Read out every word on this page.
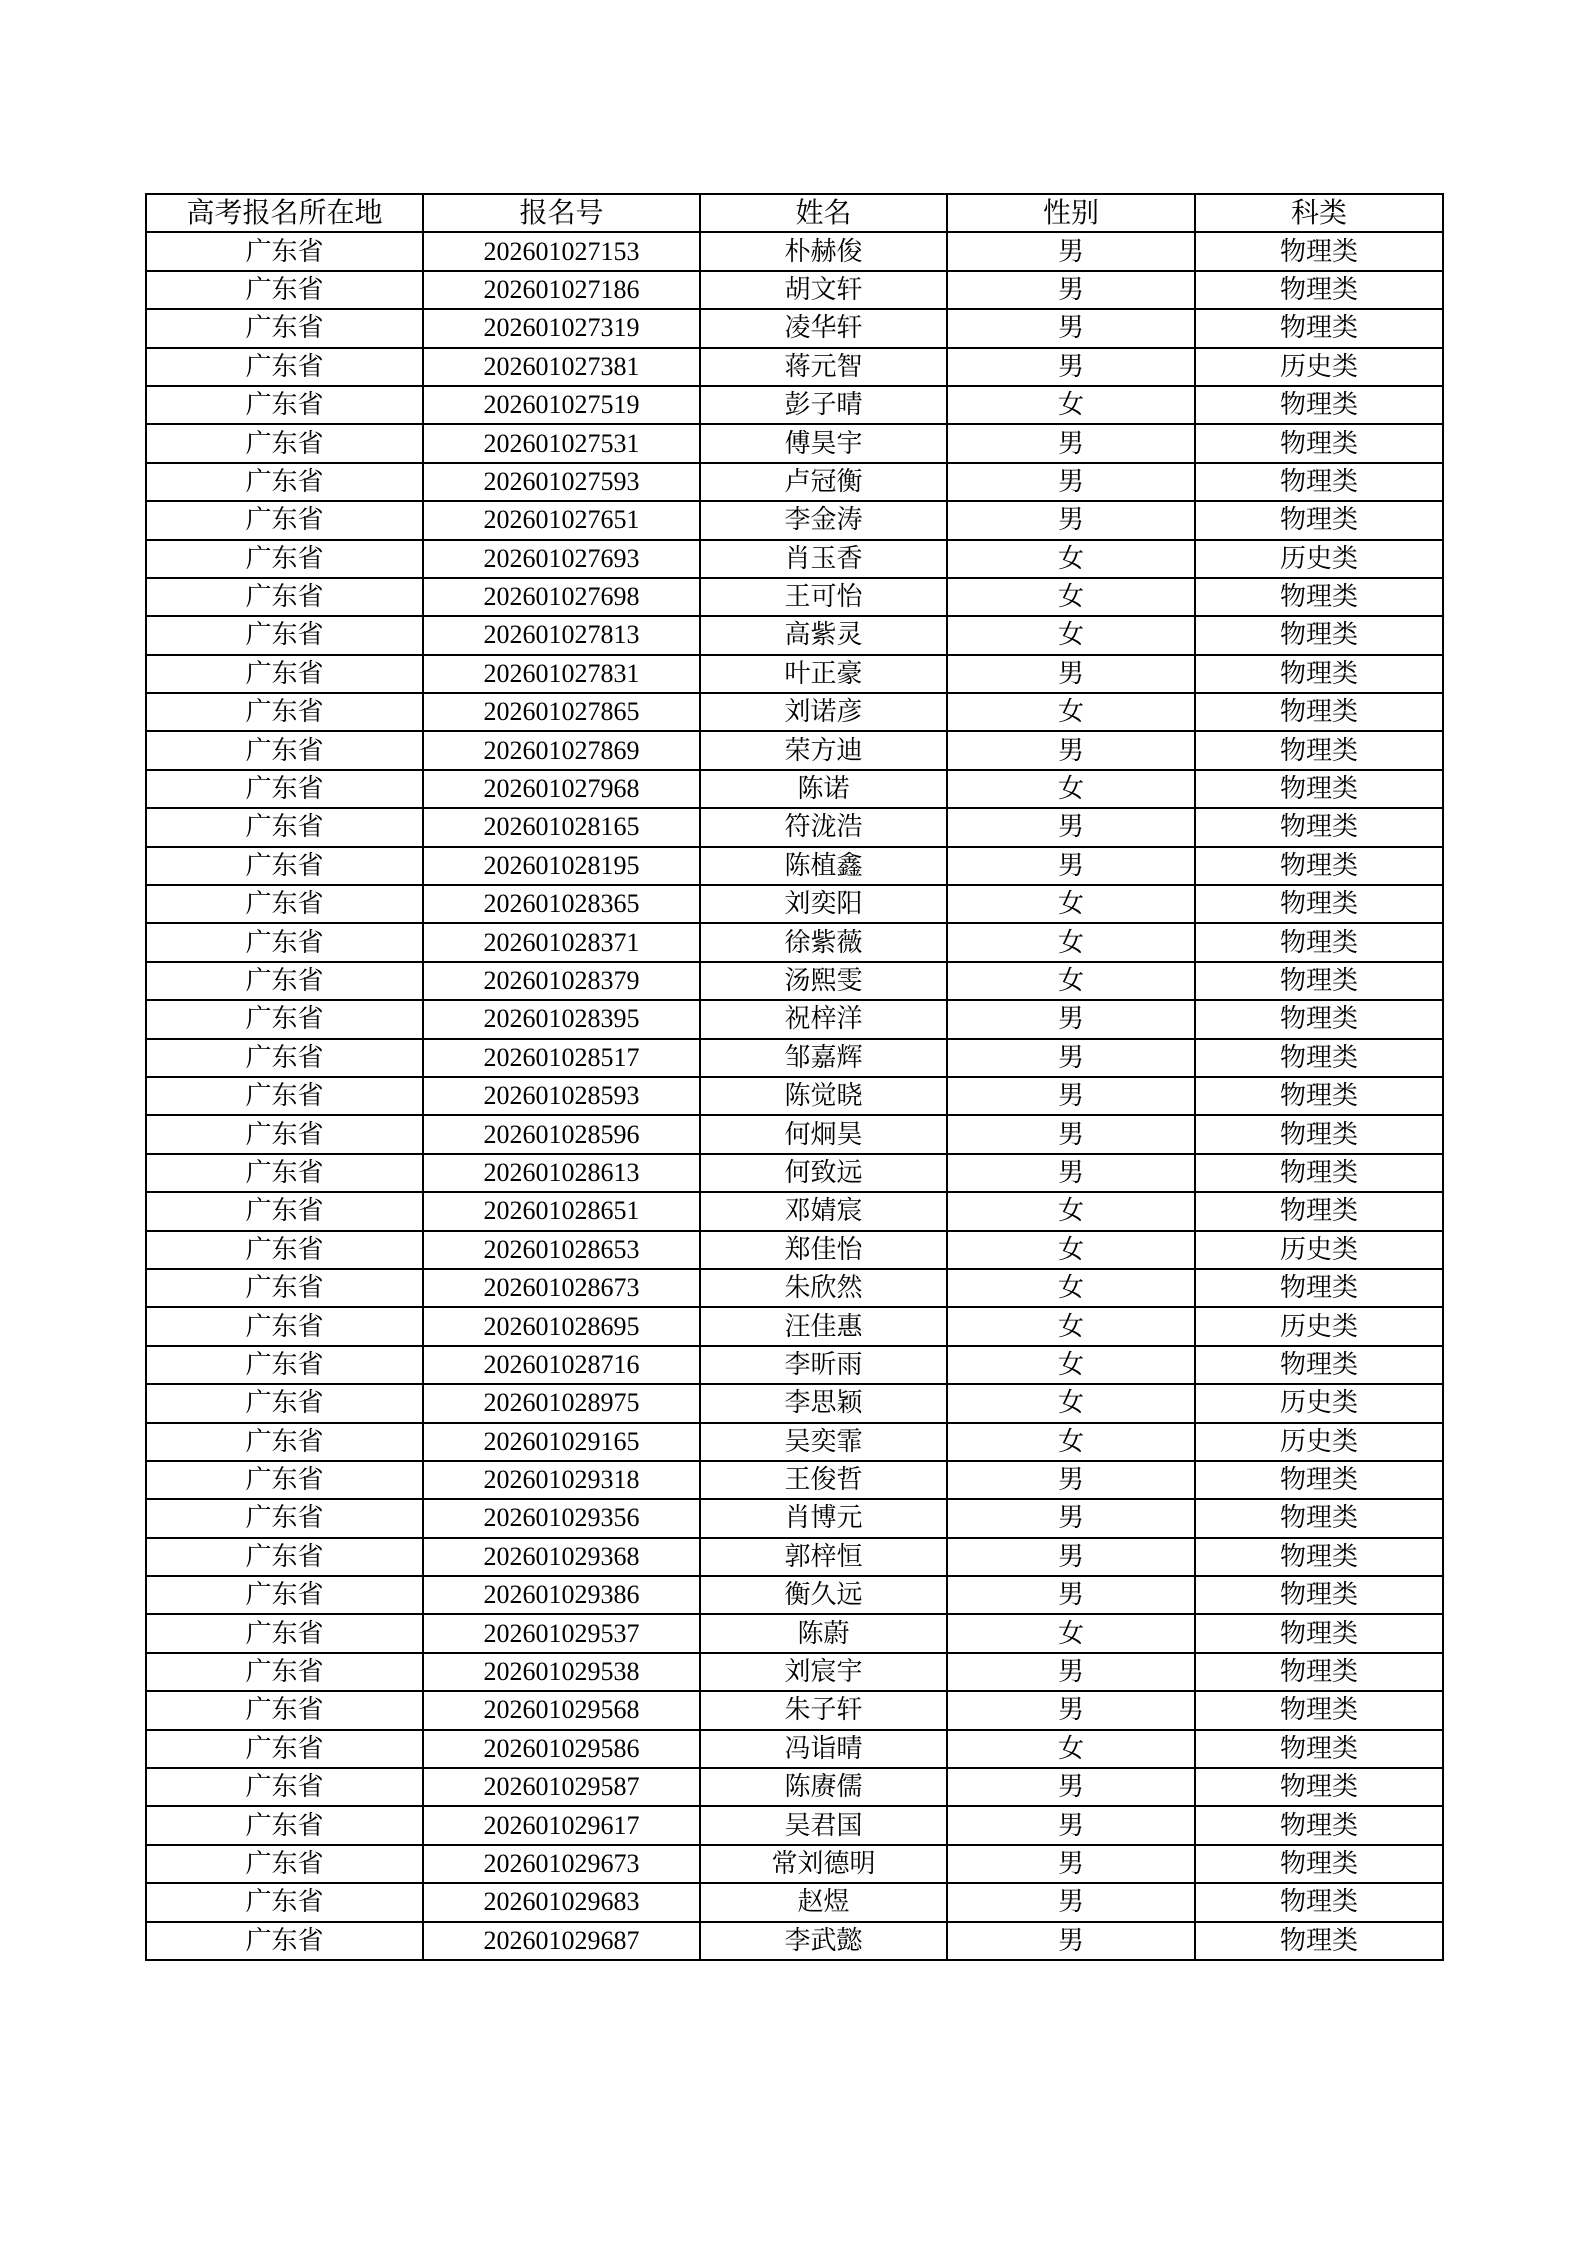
高考报名所在地	报名号	姓名	性别	科类
广东省	202601027153	朴赫俊	男	物理类
广东省	202601027186	胡文轩	男	物理类
广东省	202601027319	凌华轩	男	物理类
广东省	202601027381	蒋元智	男	历史类
广东省	202601027519	彭子晴	女	物理类
广东省	202601027531	傅昊宇	男	物理类
广东省	202601027593	卢冠衡	男	物理类
广东省	202601027651	李金涛	男	物理类
广东省	202601027693	肖玉香	女	历史类
广东省	202601027698	王可怡	女	物理类
广东省	202601027813	高紫灵	女	物理类
广东省	202601027831	叶正豪	男	物理类
广东省	202601027865	刘诺彦	女	物理类
广东省	202601027869	荣方迪	男	物理类
广东省	202601027968	陈诺	女	物理类
广东省	202601028165	符泷浩	男	物理类
广东省	202601028195	陈植鑫	男	物理类
广东省	202601028365	刘奕阳	女	物理类
广东省	202601028371	徐紫薇	女	物理类
广东省	202601028379	汤熙雯	女	物理类
广东省	202601028395	祝梓洋	男	物理类
广东省	202601028517	邹嘉辉	男	物理类
广东省	202601028593	陈觉晓	男	物理类
广东省	202601028596	何炯昊	男	物理类
广东省	202601028613	何致远	男	物理类
广东省	202601028651	邓婧宸	女	物理类
广东省	202601028653	郑佳怡	女	历史类
广东省	202601028673	朱欣然	女	物理类
广东省	202601028695	汪佳惠	女	历史类
广东省	202601028716	李昕雨	女	物理类
广东省	202601028975	李思颖	女	历史类
广东省	202601029165	吴奕霏	女	历史类
广东省	202601029318	王俊哲	男	物理类
广东省	202601029356	肖博元	男	物理类
广东省	202601029368	郭梓恒	男	物理类
广东省	202601029386	衡久远	男	物理类
广东省	202601029537	陈蔚	女	物理类
广东省	202601029538	刘宸宇	男	物理类
广东省	202601029568	朱子轩	男	物理类
广东省	202601029586	冯诣晴	女	物理类
广东省	202601029587	陈赓儒	男	物理类
广东省	202601029617	吴君国	男	物理类
广东省	202601029673	常刘德明	男	物理类
广东省	202601029683	赵煜	男	物理类
广东省	202601029687	李武懿	男	物理类
